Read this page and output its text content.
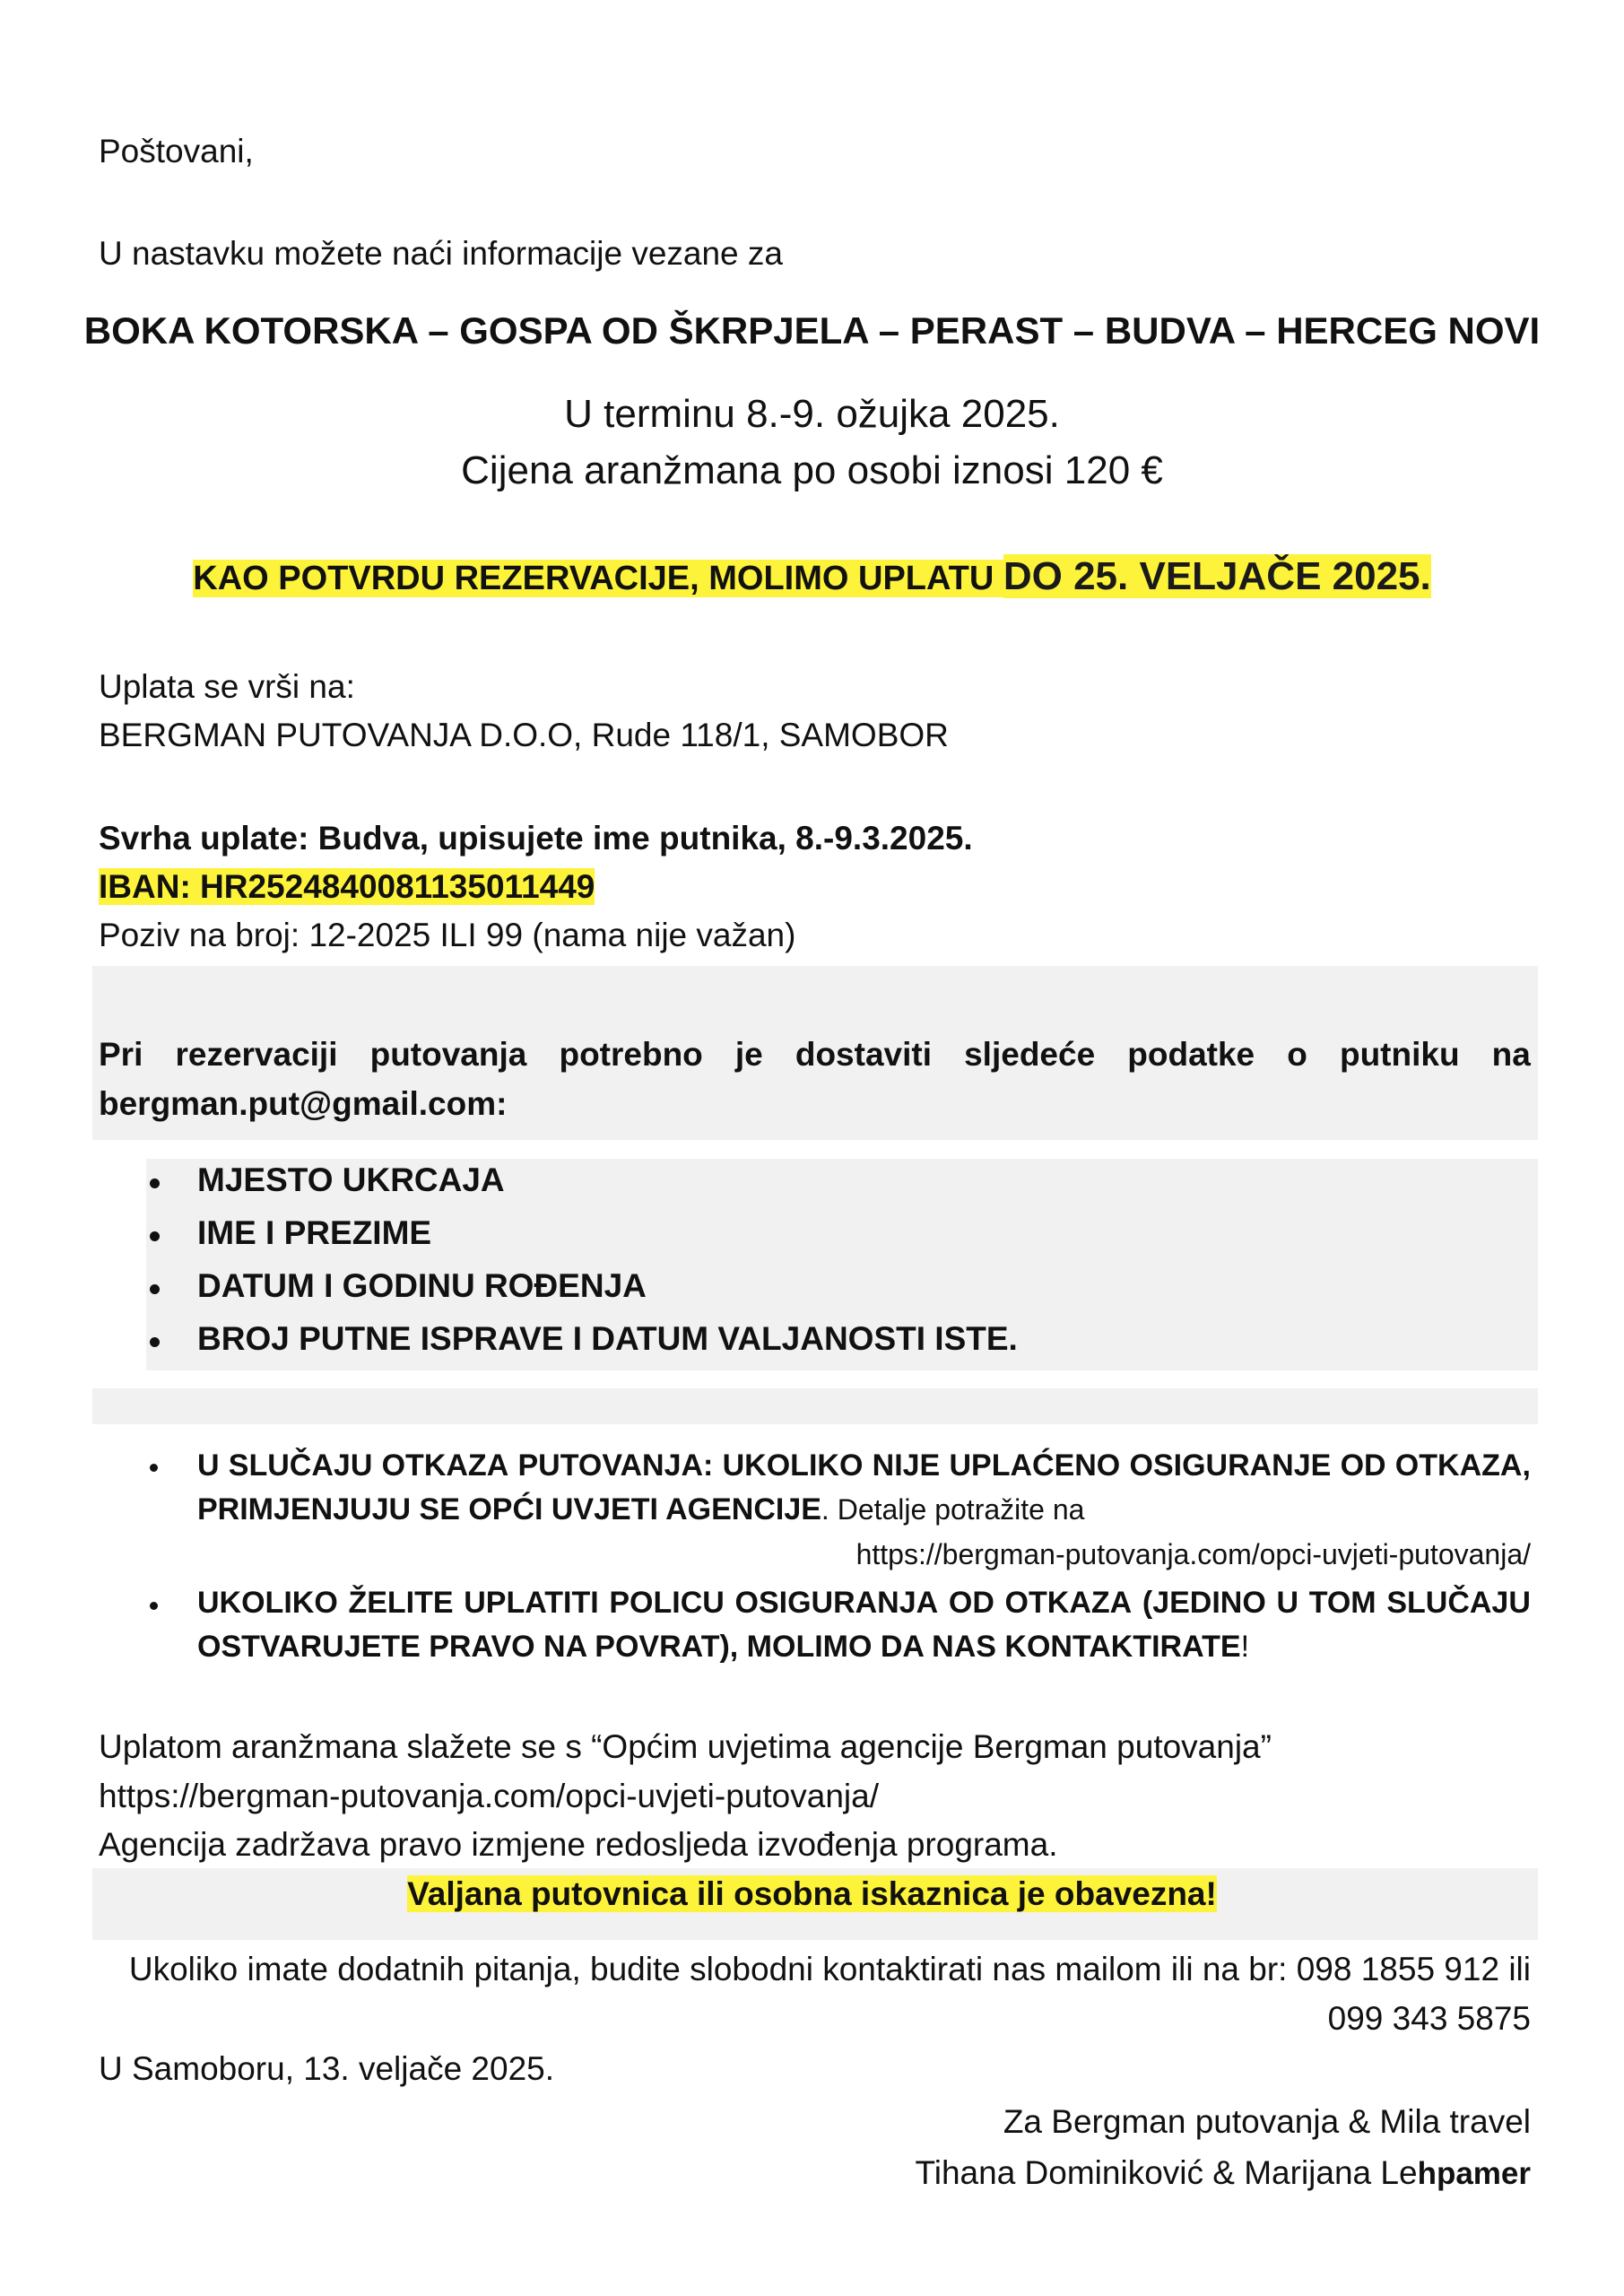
Poštovani,

U nastavku možete naći informacije vezane za

BOKA KOTORSKA – GOSPA OD ŠKRPJELA – PERAST – BUDVA – HERCEG NOVI

U terminu 8.-9. ožujka 2025.

Cijena aranžmana po osobi iznosi 120 €

KAO POTVRDU REZERVACIJE, MOLIMO UPLATU DO 25. VELJAČE 2025.

Uplata se vrši na:

BERGMAN PUTOVANJA D.O.O, Rude 118/1, SAMOBOR

Svrha uplate: Budva, upisujete ime putnika, 8.-9.3.2025.

IBAN: HR2524840081135011449

Poziv na broj: 12-2025 ILI 99 (nama nije važan)

Pri rezervaciji putovanja potrebno je dostaviti sljedeće podatke o putniku na

bergman.put@gmail.com:

MJESTO UKRCAJA

IME I PREZIME

DATUM I GODINU ROĐENJA

BROJ PUTNE ISPRAVE I DATUM VALJANOSTI ISTE.

U SLUČAJU OTKAZA PUTOVANJA: UKOLIKO NIJE UPLAĆENO OSIGURANJE OD OTKAZA,

PRIMJENJUJU SE OPĆI UVJETI AGENCIJE. Detalje potražite na

https://bergman-putovanja.com/opci-uvjeti-putovanja/

UKOLIKO ŽELITE UPLATITI POLICU OSIGURANJA OD OTKAZA (JEDINO U TOM SLUČAJU

OSTVARUJETE PRAVO NA POVRAT), MOLIMO DA NAS KONTAKTIRATE!

Uplatom aranžmana slažete se s “Općim uvjetima agencije Bergman putovanja”

https://bergman-putovanja.com/opci-uvjeti-putovanja/

Agencija zadržava pravo izmjene redosljeda izvođenja programa.

Valjana putovnica ili osobna iskaznica je obavezna!

Ukoliko imate dodatnih pitanja, budite slobodni kontaktirati nas mailom ili na br: 098 1855 912 ili

099 343 5875

U Samoboru, 13. veljače 2025.

Za Bergman putovanja & Mila travel

Tihana Dominiković & Marijana Lehpamer
